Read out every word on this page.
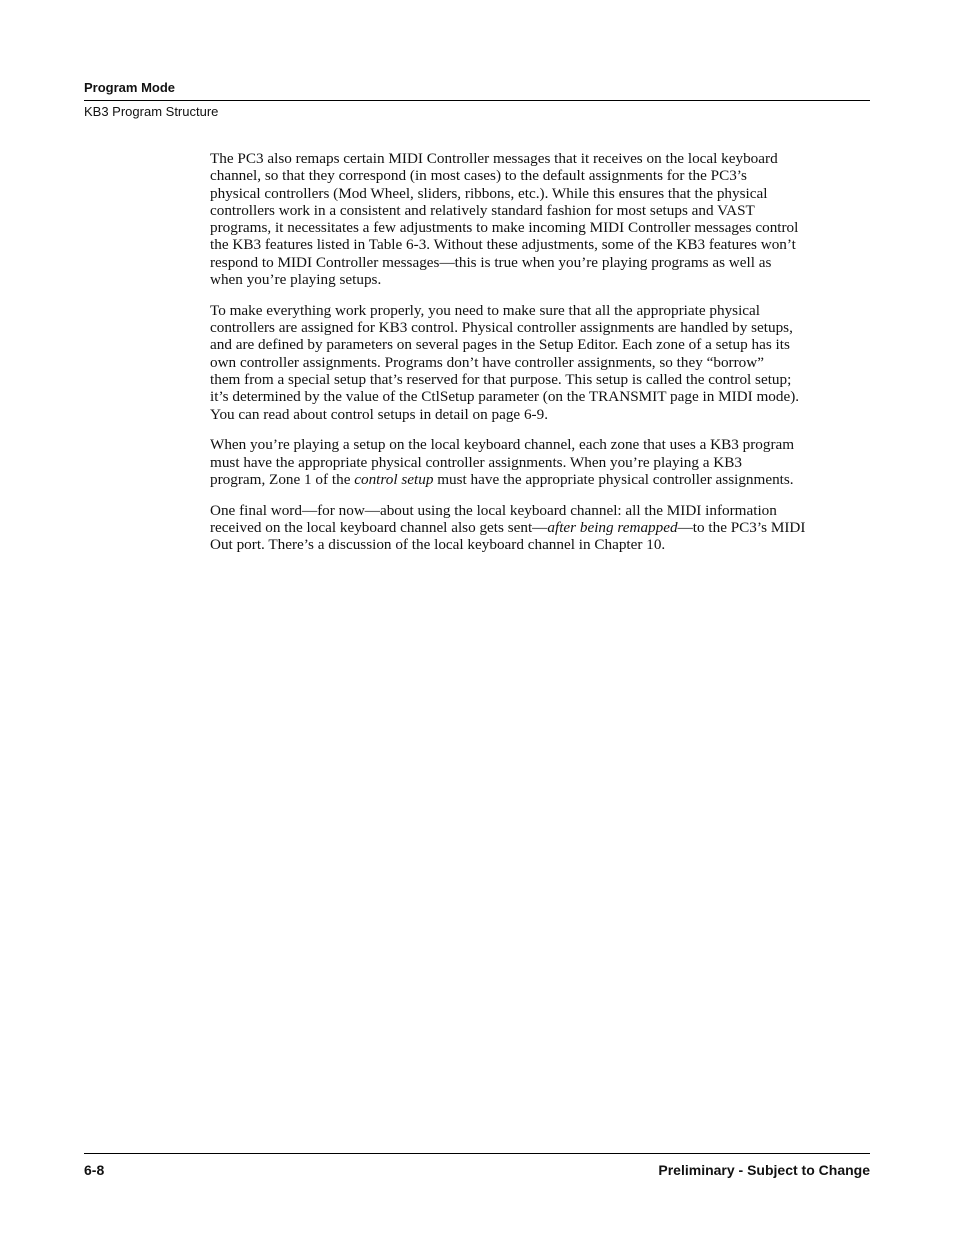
Program Mode
KB3 Program Structure

The PC3 also remaps certain MIDI Controller messages that it receives on the local keyboard
channel, so that they correspond (in most cases) to the default assignments for the PC3’s
physical controllers (Mod Wheel, sliders, ribbons, etc.). While this ensures that the physical
controllers work in a consistent and relatively standard fashion for most setups and VAST
programs, it necessitates a few adjustments to make incoming MIDI Controller messages control
the KB3 features listed in Table 6-3. Without these adjustments, some of the KB3 features won’t
respond to MIDI Controller messages—this is true when you’re playing programs as well as
when you’re playing setups.

To make everything work properly, you need to make sure that all the appropriate physical
controllers are assigned for KB3 control. Physical controller assignments are handled by setups,
and are defined by parameters on several pages in the Setup Editor. Each zone of a setup has its
own controller assignments. Programs don’t have controller assignments, so they “borrow”
them from a special setup that’s reserved for that purpose. This setup is called the control setup;
it’s determined by the value of the CtlSetup parameter (on the TRANSMIT page in MIDI mode).
You can read about control setups in detail on page 6-9.

When you’re playing a setup on the local keyboard channel, each zone that uses a KB3 program
must have the appropriate physical controller assignments. When you’re playing a KB3
program, Zone 1 of the control setup must have the appropriate physical controller assignments.

One final word—for now—about using the local keyboard channel: all the MIDI information
received on the local keyboard channel also gets sent—after being remapped—to the PC3’s MIDI
Out port. There’s a discussion of the local keyboard channel in Chapter 10.

6-8	Preliminary - Subject to Change
